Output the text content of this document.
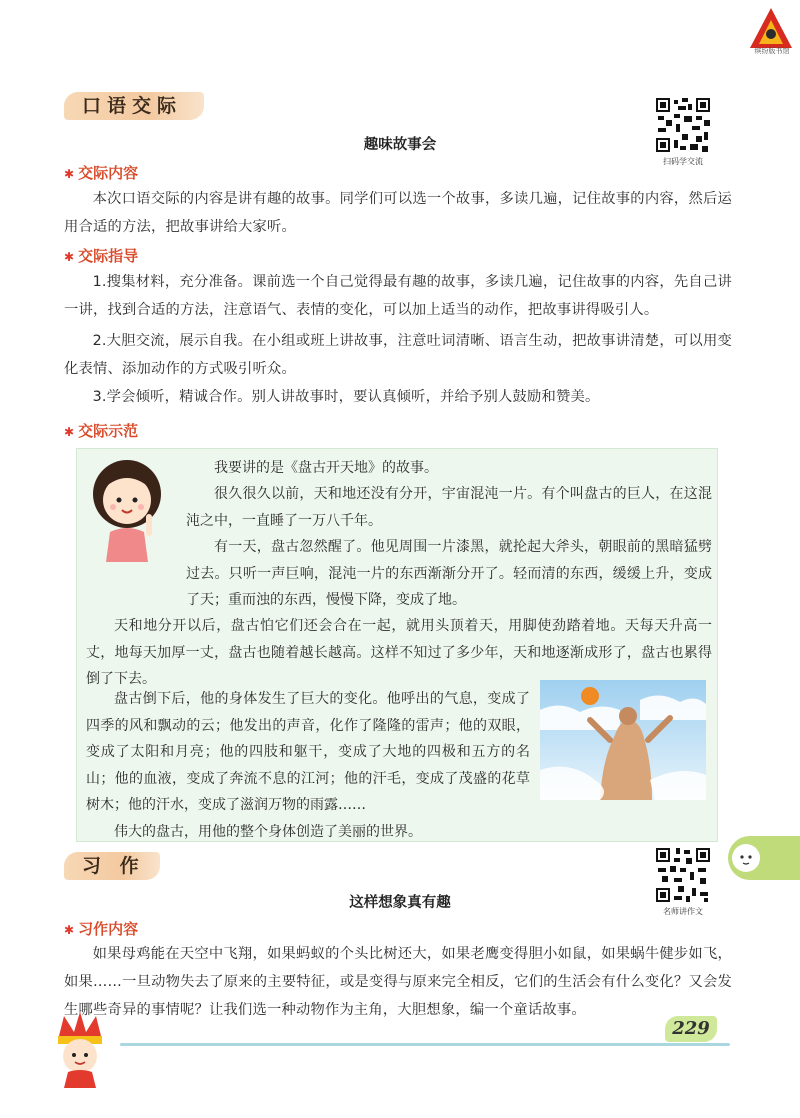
缤纷版书馆
口语交际
扫码学交流
趣味故事会
✱ 交际内容
本次口语交际的内容是讲有趣的故事。同学们可以选一个故事，多读几遍，记住故事的内容，然后运用合适的方法，把故事讲给大家听。
✱ 交际指导
1.搜集材料，充分准备。课前选一个自己觉得最有趣的故事，多读几遍，记住故事的内容，先自己讲一讲，找到合适的方法，注意语气、表情的变化，可以加上适当的动作，把故事讲得吸引人。
2.大胆交流，展示自我。在小组或班上讲故事，注意吐词清晰、语言生动，把故事讲清楚，可以用变化表情、添加动作的方式吸引听众。
3.学会倾听，精诚合作。别人讲故事时，要认真倾听，并给予别人鼓励和赞美。
✱ 交际示范
我要讲的是《盘古开天地》的故事。
很久很久以前，天和地还没有分开，宇宙混沌一片。有个叫盘古的巨人，在这混沌之中，一直睡了一万八千年。
有一天，盘古忽然醒了。他见周围一片漆黑，就抡起大斧头，朝眼前的黑暗猛劈过去。只听一声巨响，混沌一片的东西渐渐分开了。轻而清的东西，缓缓上升，变成了天；重而浊的东西，慢慢下降，变成了地。
天和地分开以后，盘古怕它们还会合在一起，就用头顶着天，用脚使劲踏着地。天每天升高一丈，地每天加厚一丈，盘古也随着越长越高。这样不知过了多少年，天和地逐渐成形了，盘古也累得倒了下去。
盘古倒下后，他的身体发生了巨大的变化。他呼出的气息，变成了四季的风和飘动的云；他发出的声音，化作了隆隆的雷声；他的双眼，变成了太阳和月亮；他的四肢和躯干，变成了大地的四极和五方的名山；他的血液，变成了奔流不息的江河；他的汗毛，变成了茂盛的花草树木；他的汗水，变成了滋润万物的雨露……
伟大的盘古，用他的整个身体创造了美丽的世界。
习 作
名师讲作文
这样想象真有趣
✱ 习作内容
如果母鸡能在天空中飞翔，如果蚂蚁的个头比树还大，如果老鹰变得胆小如鼠，如果蜗牛健步如飞，如果……一旦动物失去了原来的主要特征，或是变得与原来完全相反，它们的生活会有什么变化？又会发生哪些奇异的事情呢？让我们选一种动物作为主角，大胆想象，编一个童话故事。
229
